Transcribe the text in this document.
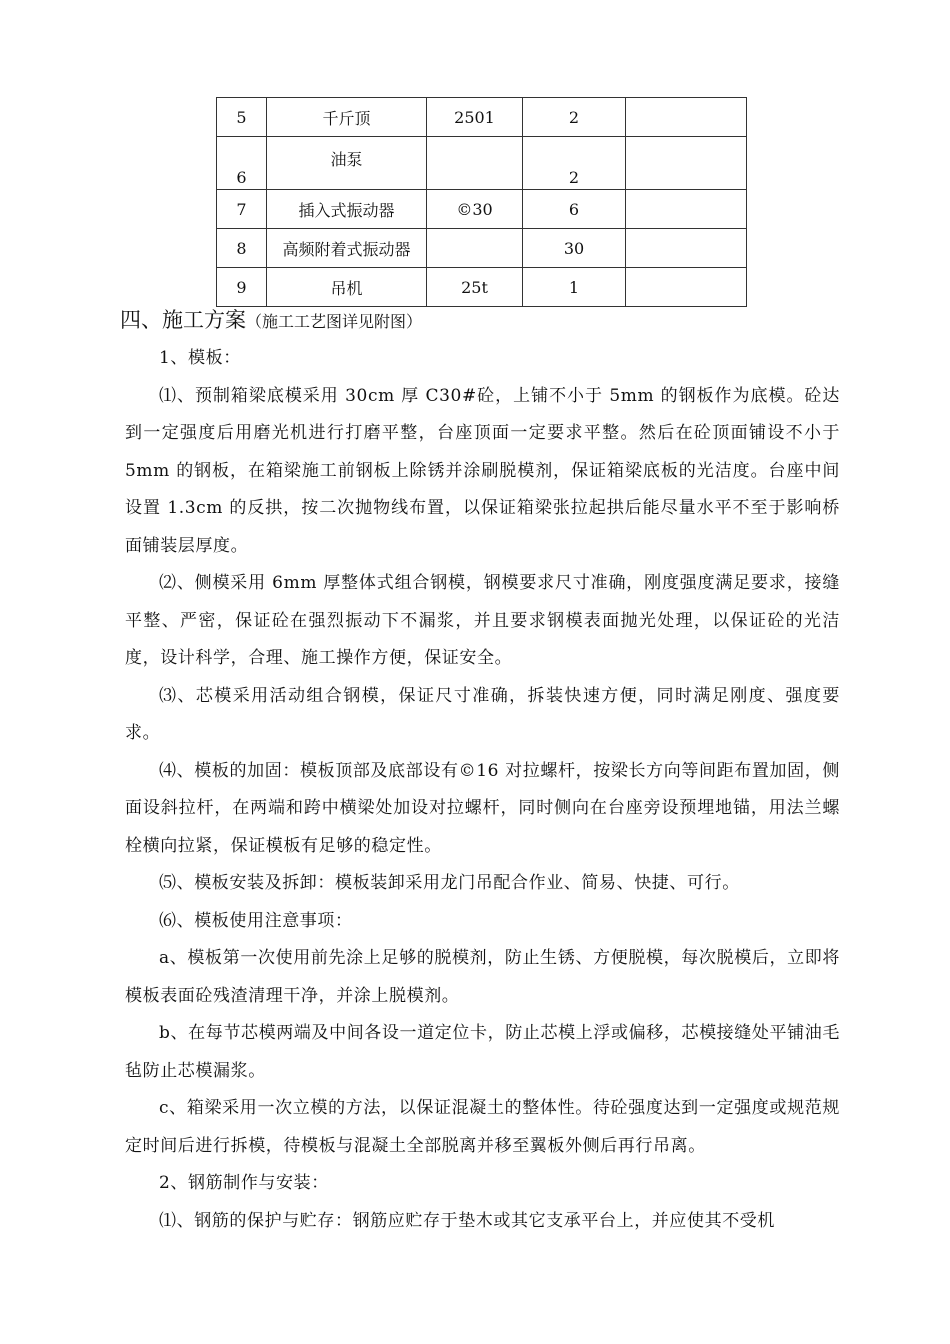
5	千斤顶	2501	2	
6	油泵		2	
7	插入式振动器	©30	6	
8	高频附着式振动器		30	
9	吊机	25t	1	
四、施工方案（施工工艺图详见附图）

1、模板：

⑴、预制箱梁底模采用 30cm 厚 C30#砼，上铺不小于 5mm 的钢板作为底模。砼达到一定强度后用磨光机进行打磨平整，台座顶面一定要求平整。然后在砼顶面铺设不小于 5mm 的钢板，在箱梁施工前钢板上除锈并涂刷脱模剂，保证箱梁底板的光洁度。台座中间设置 1.3cm 的反拱，按二次抛物线布置，以保证箱梁张拉起拱后能尽量水平不至于影响桥面铺装层厚度。

⑵、侧模采用 6mm 厚整体式组合钢模，钢模要求尺寸准确，刚度强度满足要求，接缝平整、严密，保证砼在强烈振动下不漏浆，并且要求钢模表面抛光处理，以保证砼的光洁度，设计科学，合理、施工操作方便，保证安全。

⑶、芯模采用活动组合钢模，保证尺寸准确，拆装快速方便，同时满足刚度、强度要求。

⑷、模板的加固：模板顶部及底部设有©16 对拉螺杆，按梁长方向等间距布置加固，侧面设斜拉杆，在两端和跨中横梁处加设对拉螺杆，同时侧向在台座旁设预埋地锚，用法兰螺栓横向拉紧，保证模板有足够的稳定性。

⑸、模板安装及拆卸：模板装卸采用龙门吊配合作业、简易、快捷、可行。

⑹、模板使用注意事项：

a、模板第一次使用前先涂上足够的脱模剂，防止生锈、方便脱模，每次脱模后，立即将模板表面砼残渣清理干净，并涂上脱模剂。

b、在每节芯模两端及中间各设一道定位卡，防止芯模上浮或偏移，芯模接缝处平铺油毛毡防止芯模漏浆。

c、箱梁采用一次立模的方法，以保证混凝土的整体性。待砼强度达到一定强度或规范规定时间后进行拆模，待模板与混凝土全部脱离并移至翼板外侧后再行吊离。

2、钢筋制作与安装：

⑴、钢筋的保护与贮存：钢筋应贮存于垫木或其它支承平台上，并应使其不受机
